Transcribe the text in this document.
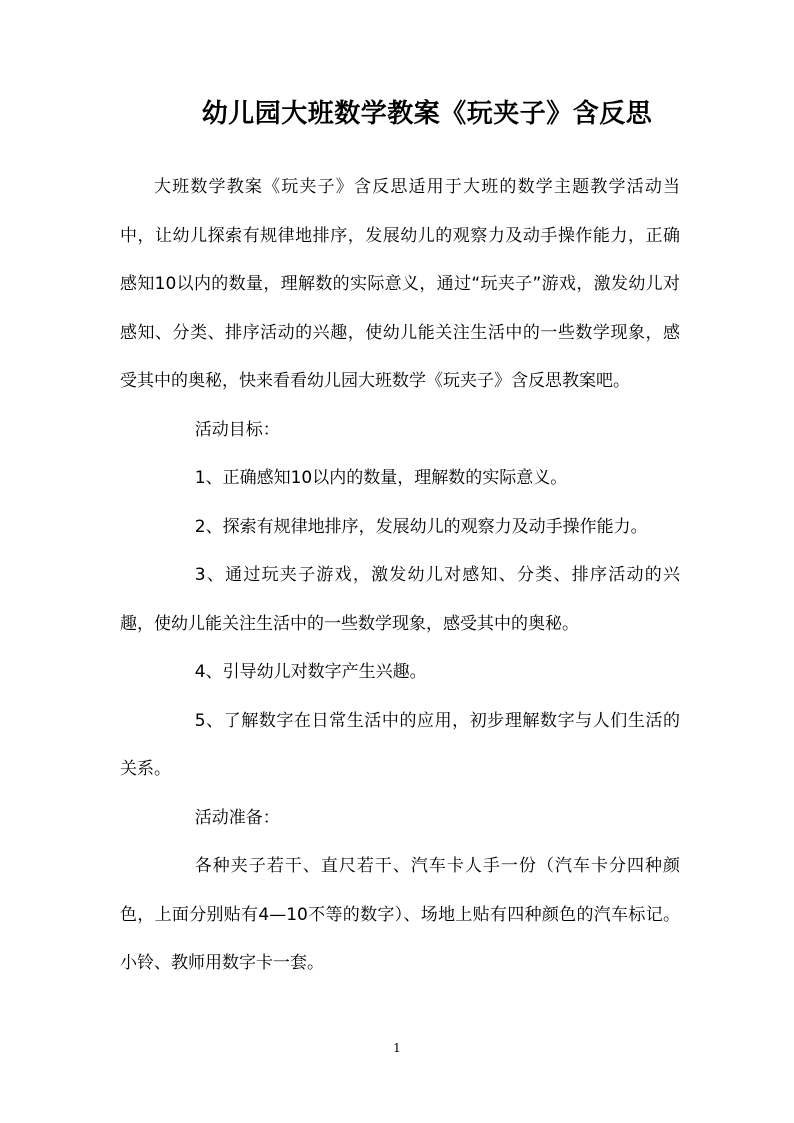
幼儿园大班数学教案《玩夹子》含反思

大班数学教案《玩夹子》含反思适用于大班的数学主题教学活动当中，让幼儿探索有规律地排序，发展幼儿的观察力及动手操作能力，正确感知10以内的数量，理解数的实际意义，通过“玩夹子”游戏，激发幼儿对感知、分类、排序活动的兴趣，使幼儿能关注生活中的一些数学现象，感受其中的奥秘，快来看看幼儿园大班数学《玩夹子》含反思教案吧。

活动目标：

1、正确感知10以内的数量，理解数的实际意义。

2、探索有规律地排序，发展幼儿的观察力及动手操作能力。

3、通过玩夹子游戏，激发幼儿对感知、分类、排序活动的兴趣，使幼儿能关注生活中的一些数学现象，感受其中的奥秘。

4、引导幼儿对数字产生兴趣。

5、了解数字在日常生活中的应用，初步理解数字与人们生活的关系。

活动准备：

各种夹子若干、直尺若干、汽车卡人手一份（汽车卡分四种颜色，上面分别贴有4—10不等的数字）、场地上贴有四种颜色的汽车标记。小铃、教师用数字卡一套。

1
